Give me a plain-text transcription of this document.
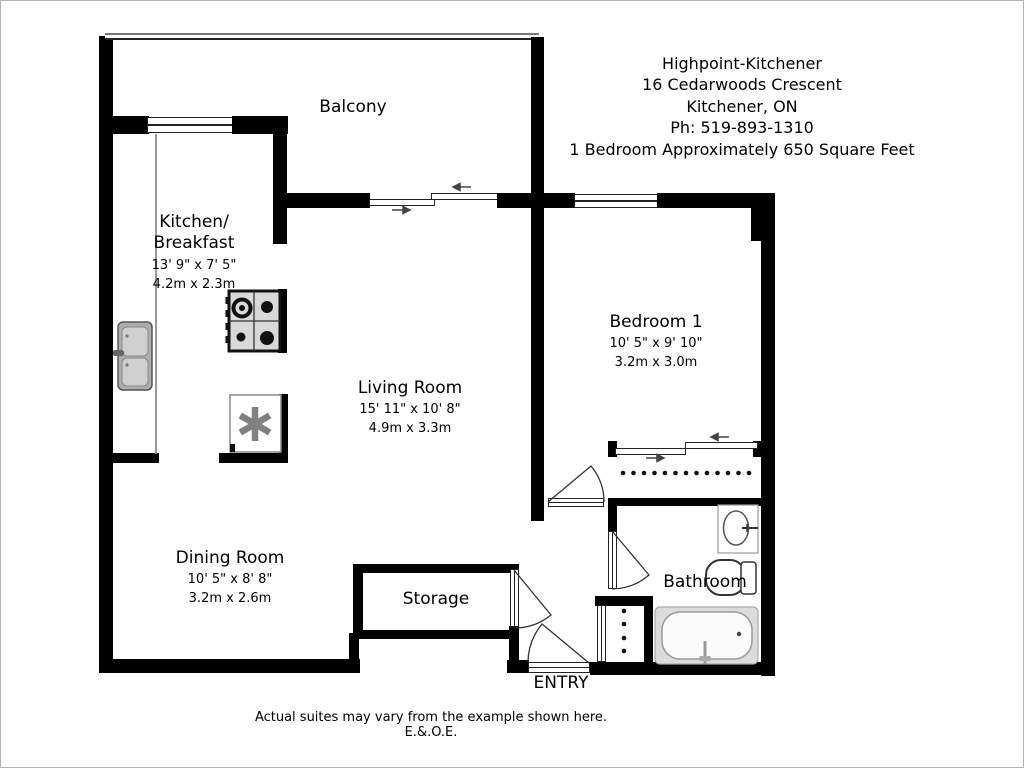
Balcony
Kitchen/
Breakfast
13' 9" x 7' 5"
4.2m x 2.3m
Living Room
15' 11" x 10' 8"
4.9m x 3.3m
Bedroom 1
10' 5" x 9' 10"
3.2m x 3.0m
Dining Room
10' 5" x 8' 8"
3.2m x 2.6m	Storage
Bathroom
ENTRY
Highpoint-Kitchener
16 Cedarwoods Crescent
Kitchener, ON
Ph: 519-893-1310
1 Bedroom Approximately 650 Square Feet
Actual suites may vary from the example shown here. E.&.O.E.
